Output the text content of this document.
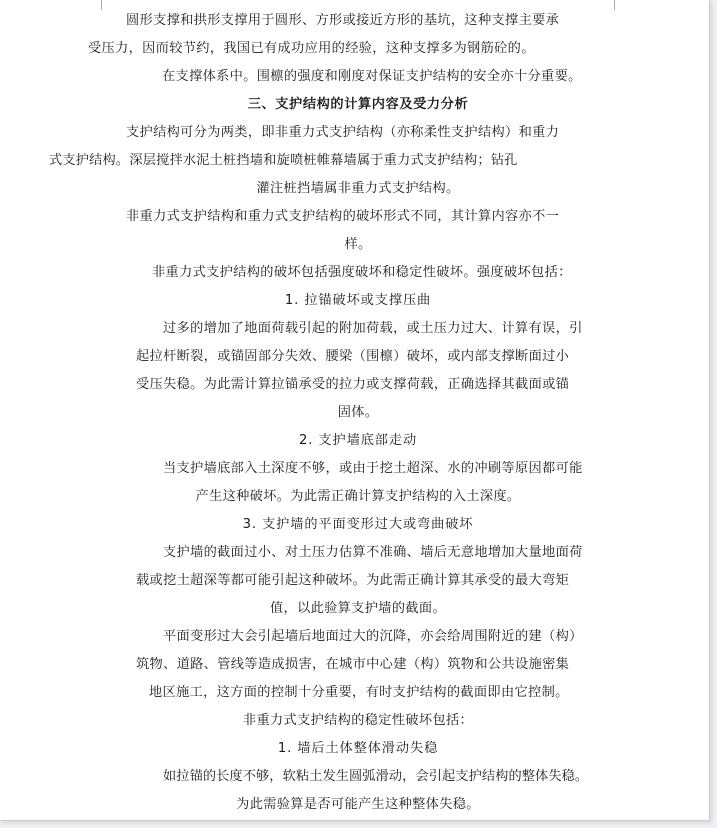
圆形支撑和拱形支撑用于圆形、方形或接近方形的基坑，这种支撑主要承
受压力，因而较节约，我国已有成功应用的经验，这种支撑多为钢筋砼的。
在支撑体系中。围檩的强度和刚度对保证支护结构的安全亦十分重要。
三、支护结构的计算内容及受力分析
支护结构可分为两类，即非重力式支护结构（亦称柔性支护结构）和重力
式支护结构。深层搅拌水泥土桩挡墙和旋喷桩帷幕墙属于重力式支护结构；钻孔
灌注桩挡墙属非重力式支护结构。
非重力式支护结构和重力式支护结构的破坏形式不同，其计算内容亦不一
样。
非重力式支护结构的破坏包括强度破坏和稳定性破坏。强度破坏包括：
1. 拉锚破坏或支撑压曲
过多的增加了地面荷载引起的附加荷载，或土压力过大、计算有误，引
起拉杆断裂，或锚固部分失效、腰梁（围檩）破坏，或内部支撑断面过小
受压失稳。为此需计算拉锚承受的拉力或支撑荷载，正确选择其截面或锚
固体。
2. 支护墙底部走动
当支护墙底部入土深度不够，或由于挖土超深、水的冲刷等原因都可能
产生这种破坏。为此需正确计算支护结构的入土深度。
3. 支护墙的平面变形过大或弯曲破坏
支护墙的截面过小、对土压力估算不准确、墙后无意地增加大量地面荷
载或挖土超深等都可能引起这种破坏。为此需正确计算其承受的最大弯矩
值，以此验算支护墙的截面。
平面变形过大会引起墙后地面过大的沉降，亦会给周围附近的建（构）
筑物、道路、管线等造成损害，在城市中心建（构）筑物和公共设施密集
地区施工，这方面的控制十分重要，有时支护结构的截面即由它控制。
非重力式支护结构的稳定性破坏包括：
1. 墙后土体整体滑动失稳
如拉锚的长度不够，软粘土发生圆弧滑动，会引起支护结构的整体失稳。
为此需验算是否可能产生这种整体失稳。
